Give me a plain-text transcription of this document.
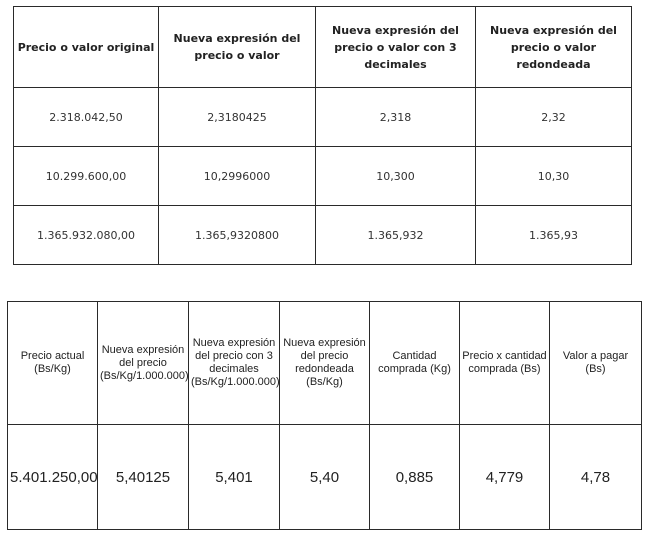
Precio o valor original	Nueva expresión del precio o valor	Nueva expresión del precio o valor con 3 decimales	Nueva expresión del precio o valor redondeada
2.318.042,50	2,3180425	2,318	2,32
10.299.600,00	10,2996000	10,300	10,30
1.365.932.080,00	1.365,9320800	1.365,932	1.365,93
Precio actual (Bs/Kg)	Nueva expresión del precio (Bs/Kg/1.000.000)	Nueva expresión del precio con 3 decimales (Bs/Kg/1.000.000)	Nueva expresión del precio redondeada (Bs/Kg)	Cantidad comprada (Kg)	Precio x cantidad comprada (Bs)	Valor a pagar (Bs)
5.401.250,00	5,40125	5,401	5,40	0,885	4,779	4,78
